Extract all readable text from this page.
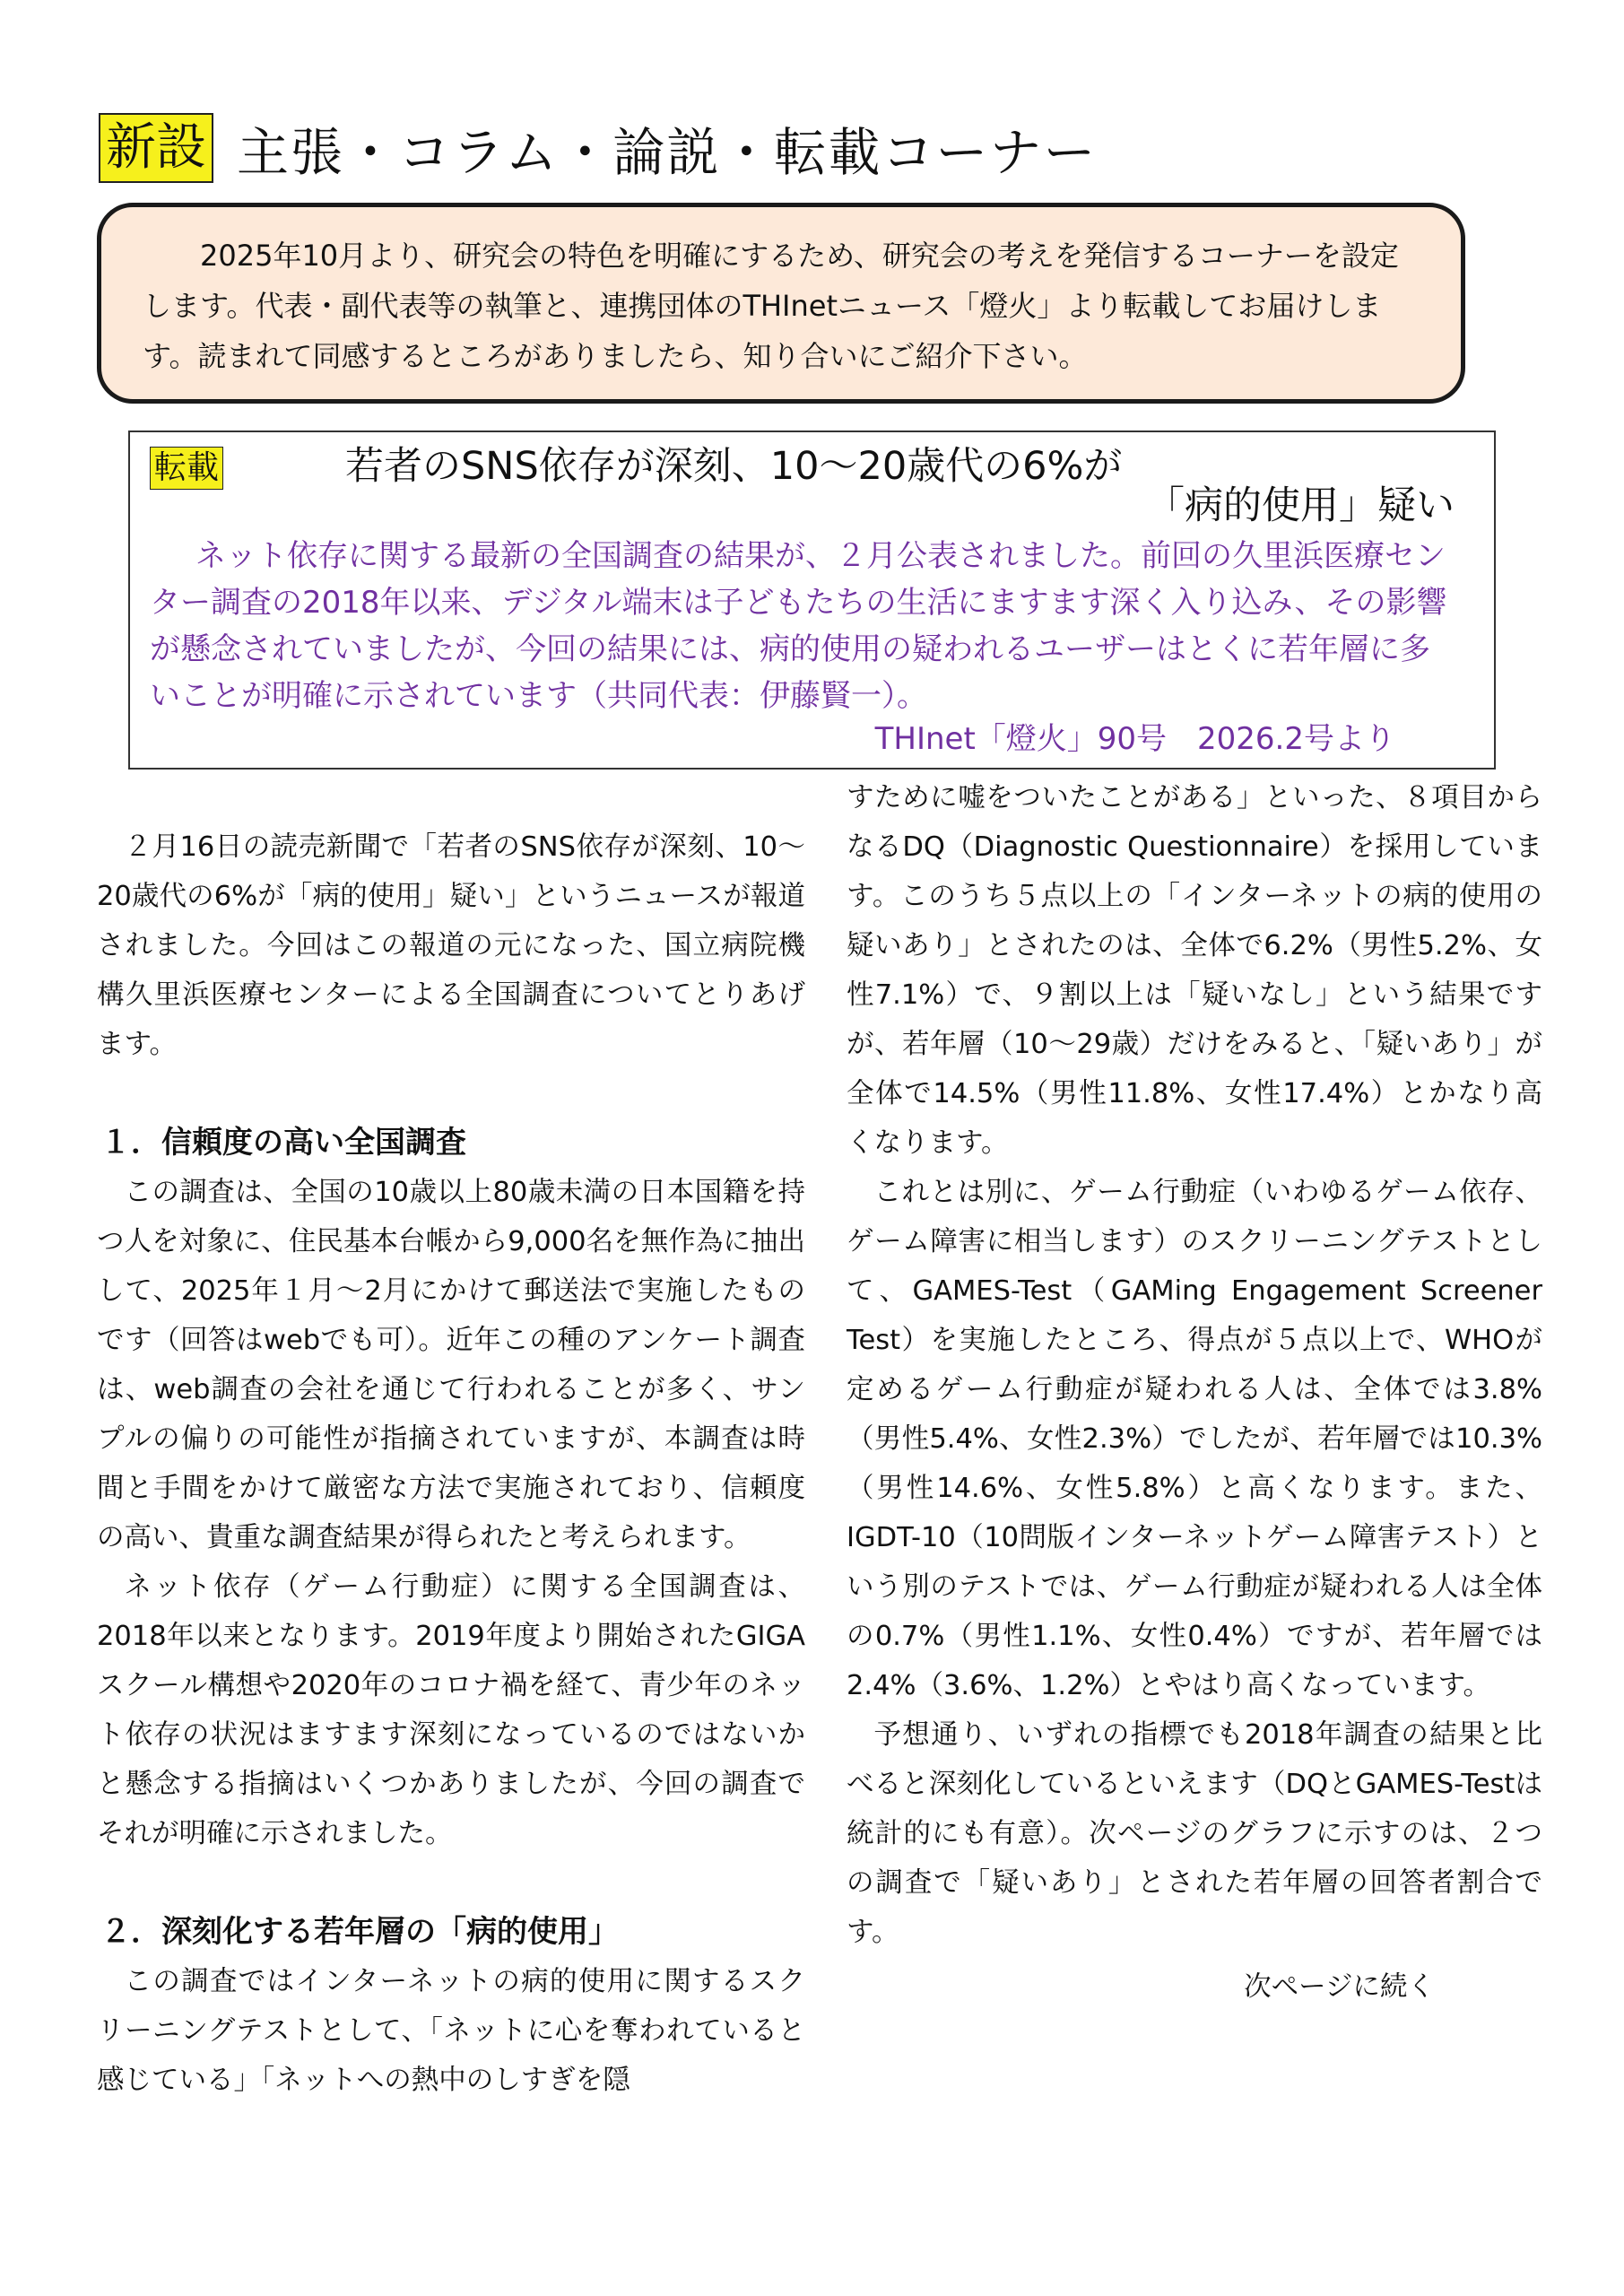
新設 主張・コラム・論説・転載コーナー

2025年10月より、研究会の特色を明確にするため、研究会の考えを発信するコーナーを設定します。代表・副代表等の執筆と、連携団体のTHInetニュース「燈火」より転載してお届けします。読まれて同感するところがありましたら、知り合いにご紹介下さい。

転載	若者のSNS依存が深刻、10～20歳代の6%が
「病的使用」疑い

ネット依存に関する最新の全国調査の結果が、２月公表されました。前回の久里浜医療センター調査の2018年以来、デジタル端末は子どもたちの生活にますます深く入り込み、その影響が懸念されていましたが、今回の結果には、病的使用の疑われるユーザーはとくに若年層に多いことが明確に示されています（共同代表：伊藤賢一）。

THInet「燈火」90号　2026.2号より

２月16日の読売新聞で「若者のSNS依存が深刻、10～20歳代の6%が「病的使用」疑い」というニュースが報道されました。今回はこの報道の元になった、国立病院機構久里浜医療センターによる全国調査についてとりあげます。

１．信頼度の高い全国調査

この調査は、全国の10歳以上80歳未満の日本国籍を持つ人を対象に、住民基本台帳から9,000名を無作為に抽出して、2025年１月～2月にかけて郵送法で実施したものです（回答はwebでも可）。近年この種のアンケート調査は、web調査の会社を通じて行われることが多く、サンプルの偏りの可能性が指摘されていますが、本調査は時間と手間をかけて厳密な方法で実施されており、信頼度の高い、貴重な調査結果が得られたと考えられます。

ネット依存（ゲーム行動症）に関する全国調査は、2018年以来となります。2019年度より開始されたGIGAスクール構想や2020年のコロナ禍を経て、青少年のネット依存の状況はますます深刻になっているのではないかと懸念する指摘はいくつかありましたが、今回の調査でそれが明確に示されました。

２．深刻化する若年層の「病的使用」

この調査ではインターネットの病的使用に関するスクリーニングテストとして、「ネットに心を奪われていると感じている」「ネットへの熱中のしすぎを隠

すために嘘をついたことがある」といった、８項目からなるDQ（Diagnostic Questionnaire）を採用しています。このうち５点以上の「インターネットの病的使用の疑いあり」とされたのは、全体で6.2%（男性5.2%、女性7.1%）で、９割以上は「疑いなし」という結果ですが、若年層（10～29歳）だけをみると、「疑いあり」が全体で14.5%（男性11.8%、女性17.4%）とかなり高くなります。

これとは別に、ゲーム行動症（いわゆるゲーム依存、ゲーム障害に相当します）のスクリーニングテストとして、GAMES-Test（GAMing Engagement Screener Test）を実施したところ、得点が５点以上で、WHOが定めるゲーム行動症が疑われる人は、全体では3.8%（男性5.4%、女性2.3%）でしたが、若年層では10.3%（男性14.6%、女性5.8%）と高くなります。また、IGDT-10（10問版インターネットゲーム障害テスト）という別のテストでは、ゲーム行動症が疑われる人は全体の0.7%（男性1.1%、女性0.4%）ですが、若年層では2.4%（3.6%、1.2%）とやはり高くなっています。

予想通り、いずれの指標でも2018年調査の結果と比べると深刻化しているといえます（DQとGAMES-Testは統計的にも有意）。次ページのグラフに示すのは、２つの調査で「疑いあり」とされた若年層の回答者割合です。

次ページに続く
